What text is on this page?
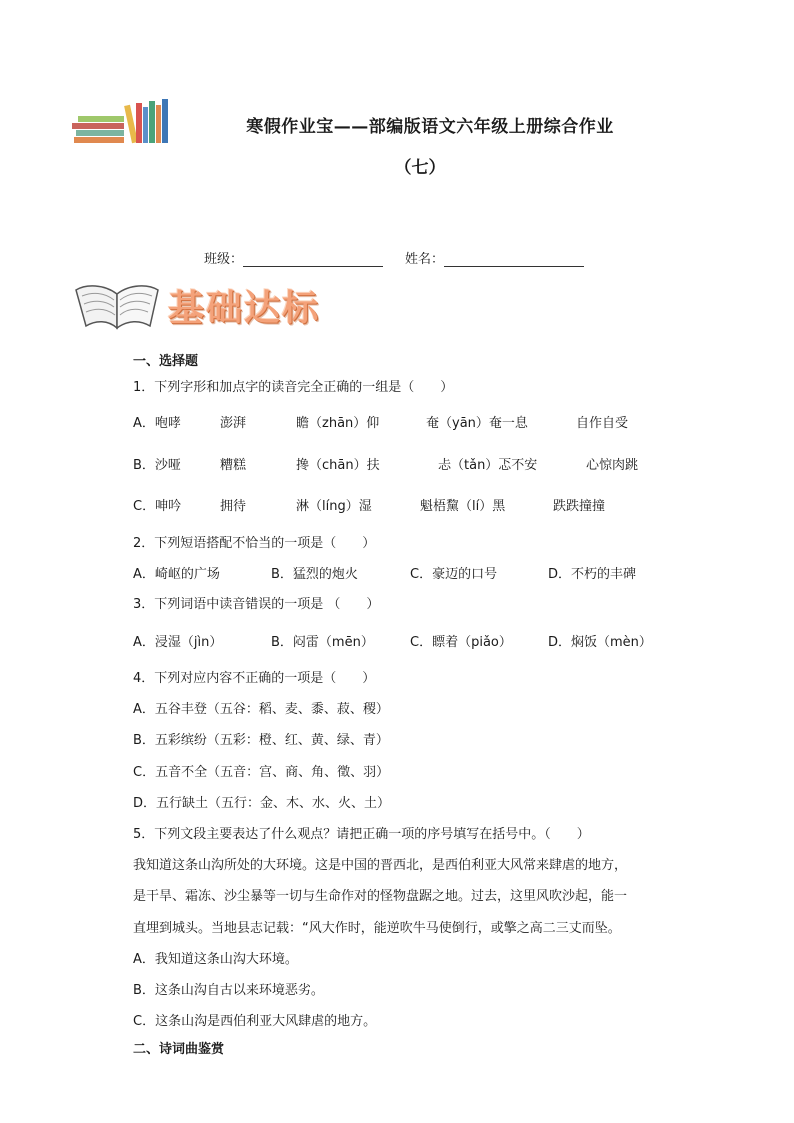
寒假作业宝——部编版语文六年级上册综合作业
（七）
班级：	姓名：
基础达标
一、选择题
1．下列字形和加点字的读音完全正确的一组是（　　）
A．咆哮	澎湃	瞻（zhān）仰	奄（yān）奄一息	自作自受
B．沙哑	糟糕	搀（chān）扶	忐（tǎn）忑不安	心惊肉跳
C．呻吟	拥待	淋（líng）湿	魁梧黧（lí）黑	跌跌撞撞
2．下列短语搭配不恰当的一项是（　　）
A．崎岖的广场	B．猛烈的炮火	C．豪迈的口号	D．不朽的丰碑
3．下列词语中读音错误的一项是 （　　）
A．浸湿（jìn）	B．闷雷（mēn）	C．瞟着（piǎo）	D．焖饭（mèn）
4．下列对应内容不正确的一项是（　　）
A．五谷丰登（五谷：稻、麦、黍、菽、稷）
B．五彩缤纷（五彩：橙、红、黄、绿、青）
C．五音不全（五音：宫、商、角、徵、羽）
D．五行缺土（五行：金、木、水、火、土）
5．下列文段主要表达了什么观点？请把正确一项的序号填写在括号中。（　　）
我知道这条山沟所处的大环境。这是中国的晋西北，是西伯利亚大风常来肆虐的地方，
是干旱、霜冻、沙尘暴等一切与生命作对的怪物盘踞之地。过去，这里风吹沙起，能一
直埋到城头。当地县志记载：“风大作时，能逆吹牛马使倒行，或擎之高二三丈而坠。
A．我知道这条山沟大环境。
B．这条山沟自古以来环境恶劣。
C．这条山沟是西伯利亚大风肆虐的地方。
二、诗词曲鉴赏
